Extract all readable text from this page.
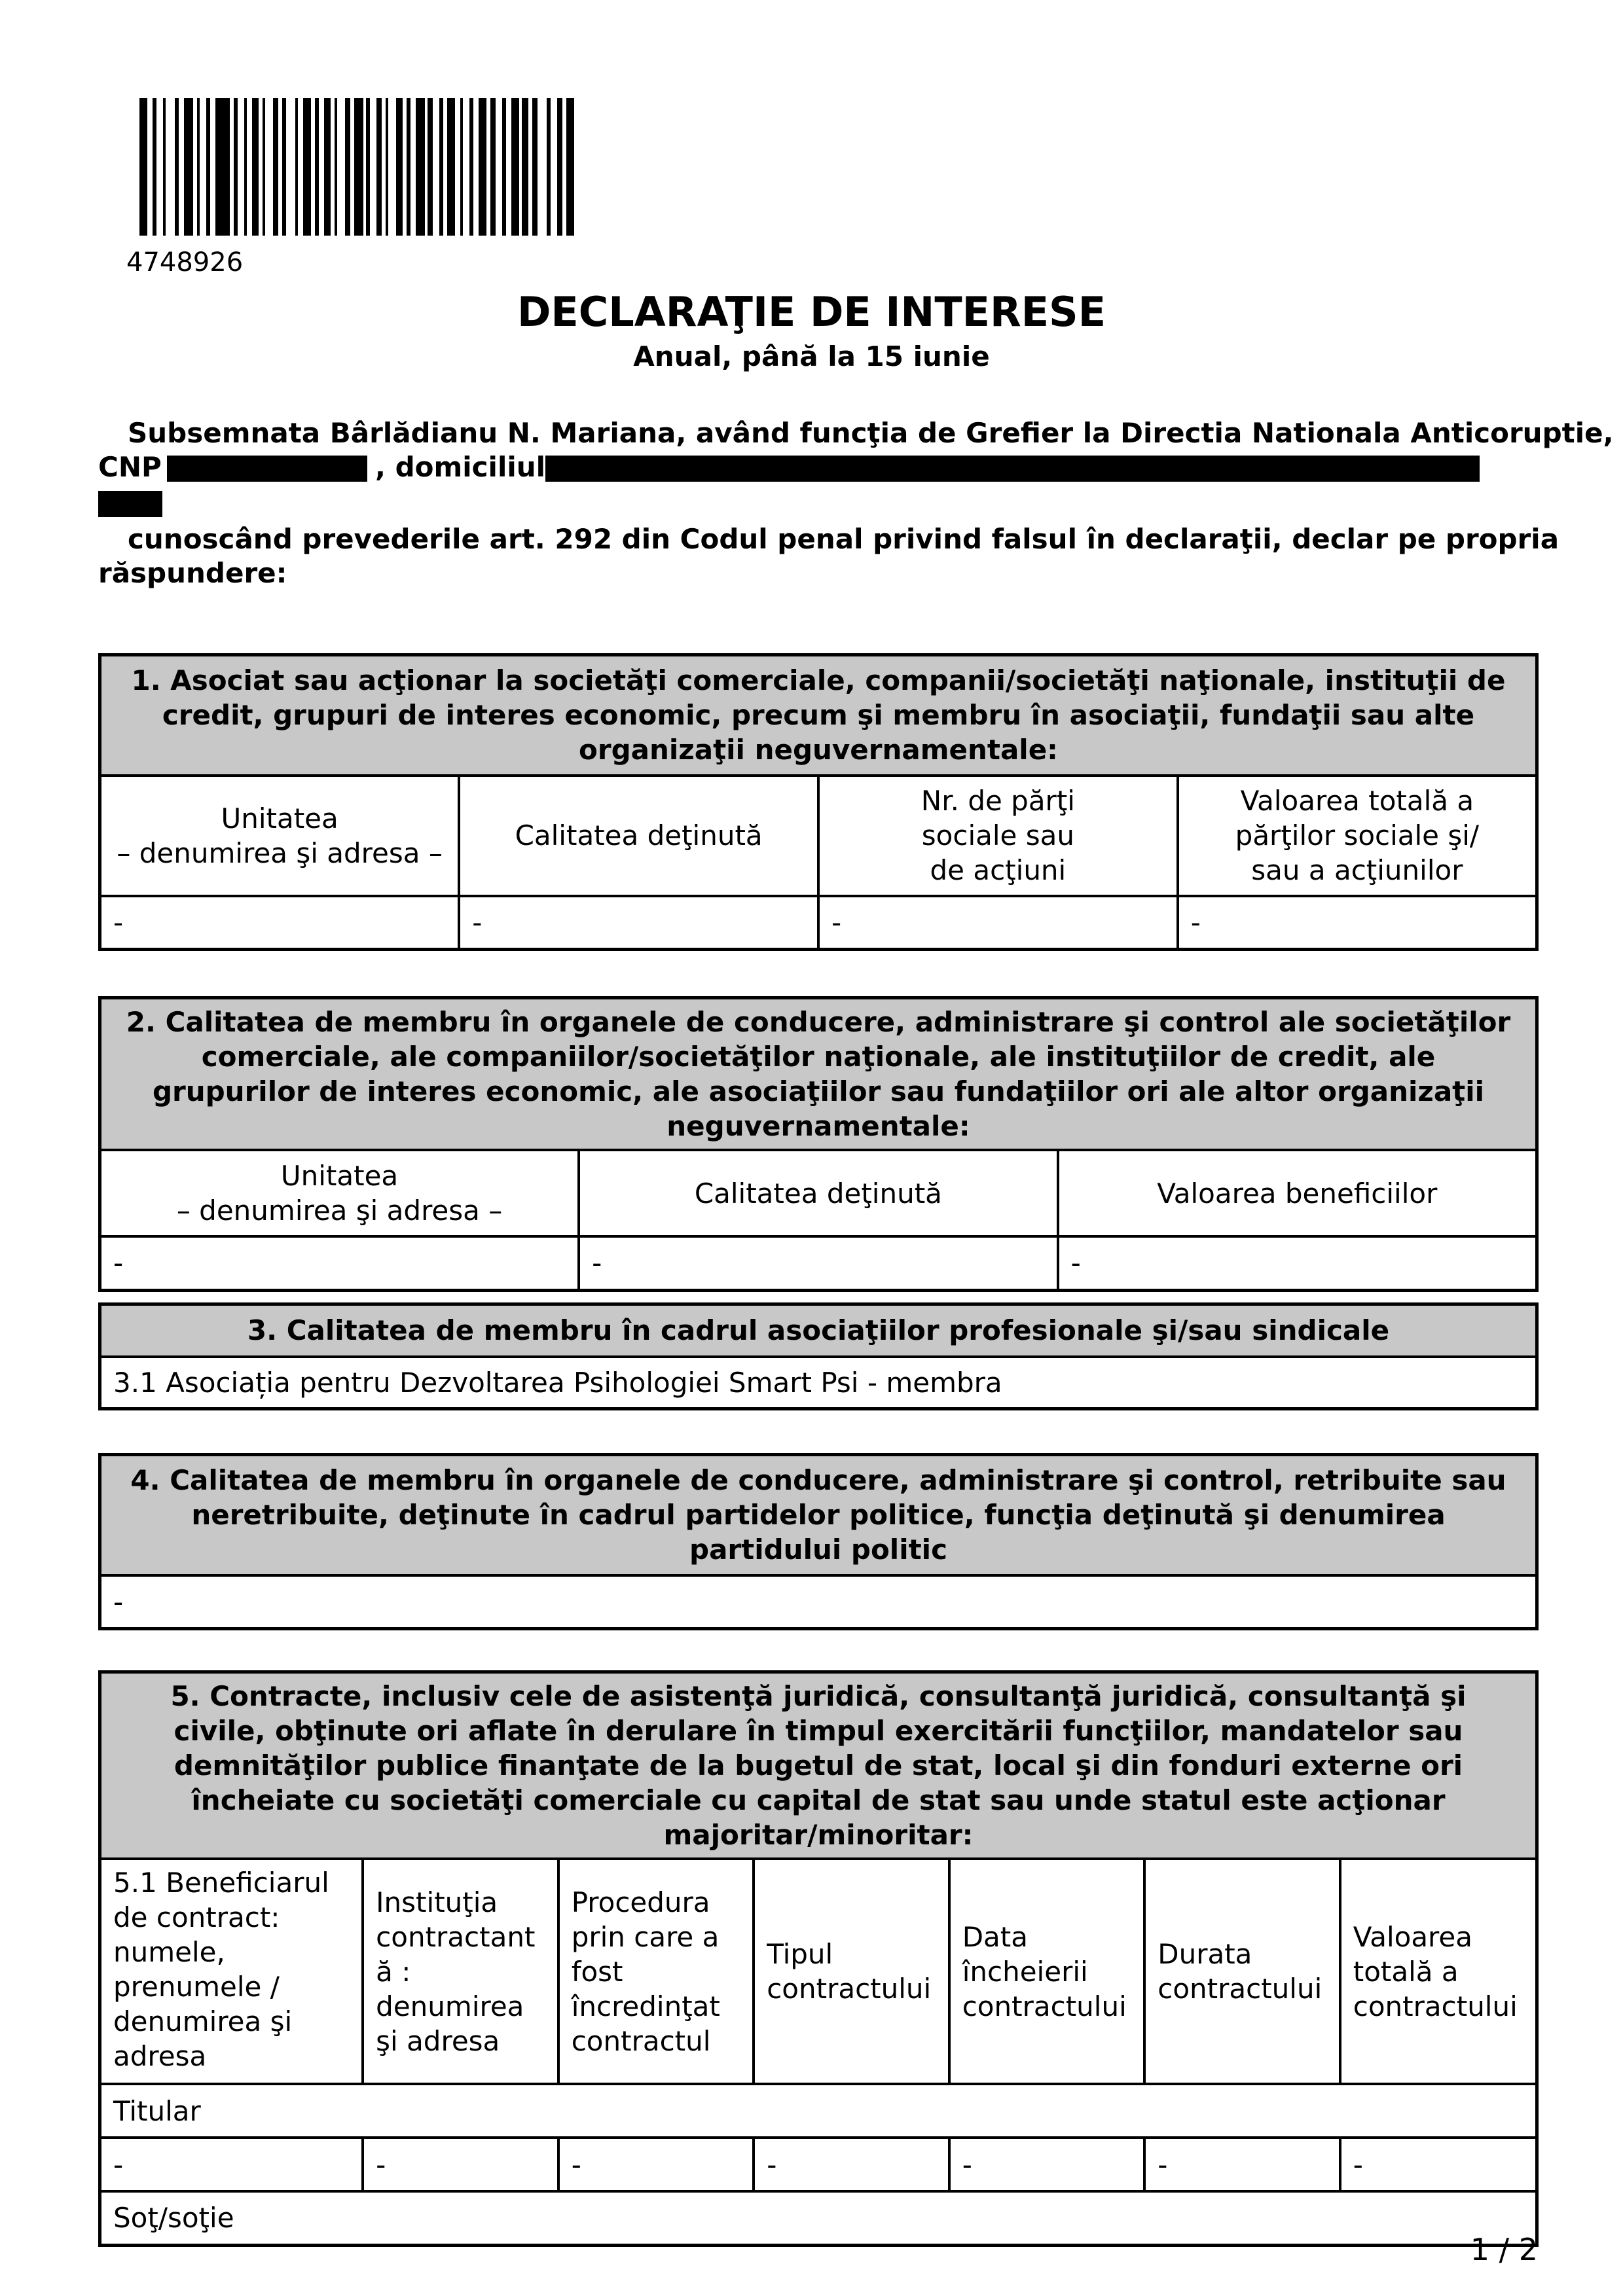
4748926
DECLARAŢIE DE INTERESE
Anual, până la 15 iunie
Subsemnata Bârlădianu N. Mariana, având funcţia de Grefier la Directia Nationala Anticoruptie,
CNP	, domiciliul
cunoscând prevederile art. 292 din Codul penal privind falsul în declaraţii, declar pe propria
răspundere:
1. Asociat sau acţionar la societăţi comerciale, companii/societăţi naţionale, instituţii de credit, grupuri de interes economic, precum şi membru în asociaţii, fundaţii sau alte organizaţii neguvernamentale:			
Unitatea
– denumirea şi adresa –	Calitatea deţinută	Nr. de părţi
sociale sau
de acţiuni	Valoarea totală a
părţilor sociale şi/
sau a acţiunilor
-	-	-	-
2. Calitatea de membru în organele de conducere, administrare şi control ale societăţilor comerciale, ale companiilor/societăţilor naţionale, ale instituţiilor de credit, ale grupurilor de interes economic, ale asociaţiilor sau fundaţiilor ori ale altor organizaţii neguvernamentale:		
Unitatea
– denumirea şi adresa –	Calitatea deţinută	Valoarea beneficiilor
-	-	-
3. Calitatea de membru în cadrul asociaţiilor profesionale şi/sau sindicale
3.1 Asociația pentru Dezvoltarea Psihologiei Smart Psi - membra
4. Calitatea de membru în organele de conducere, administrare şi control, retribuite sau neretribuite, deţinute în cadrul partidelor politice, funcţia deţinută şi denumirea partidului politic
-
5. Contracte, inclusiv cele de asistenţă juridică, consultanţă juridică, consultanţă şi civile, obţinute ori aflate în derulare în timpul exercitării funcţiilor, mandatelor sau demnităţilor publice finanţate de la bugetul de stat, local şi din fonduri externe ori încheiate cu societăţi comerciale cu capital de stat sau unde statul este acţionar majoritar/minoritar:						
5.1 Beneficiarul de contract: numele, prenumele / denumirea şi adresa	Instituţia contractantă : denumirea şi adresa	Procedura prin care a fost încredinţat contractul	Tipul contractului	Data încheierii contractului	Durata contractului	Valoarea totală a contractului
Titular						
-	-	-	-	-	-	-
Soţ/soţie						
1 / 2
